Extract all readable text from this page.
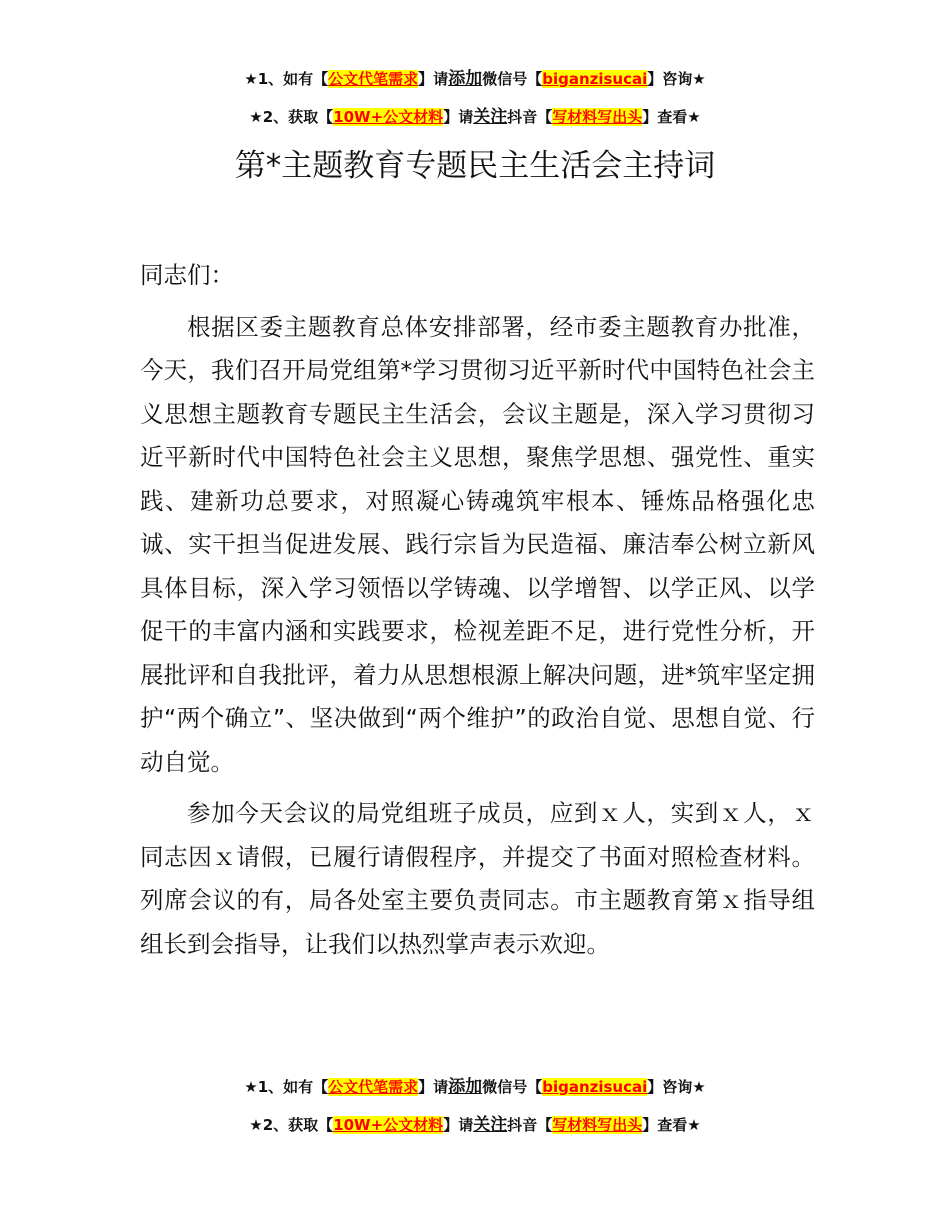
★1、如有【公文代笔需求】请添加微信号【biganzisucai】咨询★
★2、获取【10W+公文材料】请关注抖音【写材料写出头】查看★
第*主题教育专题民主生活会主持词

同志们：

根据区委主题教育总体安排部署，经市委主题教育办批准，今天，我们召开局党组第*学习贯彻习近平新时代中国特色社会主义思想主题教育专题民主生活会，会议主题是，深入学习贯彻习近平新时代中国特色社会主义思想，聚焦学思想、强党性、重实践、建新功总要求，对照凝心铸魂筑牢根本、锤炼品格强化忠诚、实干担当促进发展、践行宗旨为民造福、廉洁奉公树立新风具体目标，深入学习领悟以学铸魂、以学增智、以学正风、以学促干的丰富内涵和实践要求，检视差距不足，进行党性分析，开展批评和自我批评，着力从思想根源上解决问题，进*筑牢坚定拥护“两个确立”、坚决做到“两个维护”的政治自觉、思想自觉、行动自觉。

参加今天会议的局党组班子成员，应到ｘ人，实到ｘ人，ｘ同志因ｘ请假，已履行请假程序，并提交了书面对照检查材料。列席会议的有，局各处室主要负责同志。市主题教育第ｘ指导组组长到会指导，让我们以热烈掌声表示欢迎。

★1、如有【公文代笔需求】请添加微信号【biganzisucai】咨询★
★2、获取【10W+公文材料】请关注抖音【写材料写出头】查看★
